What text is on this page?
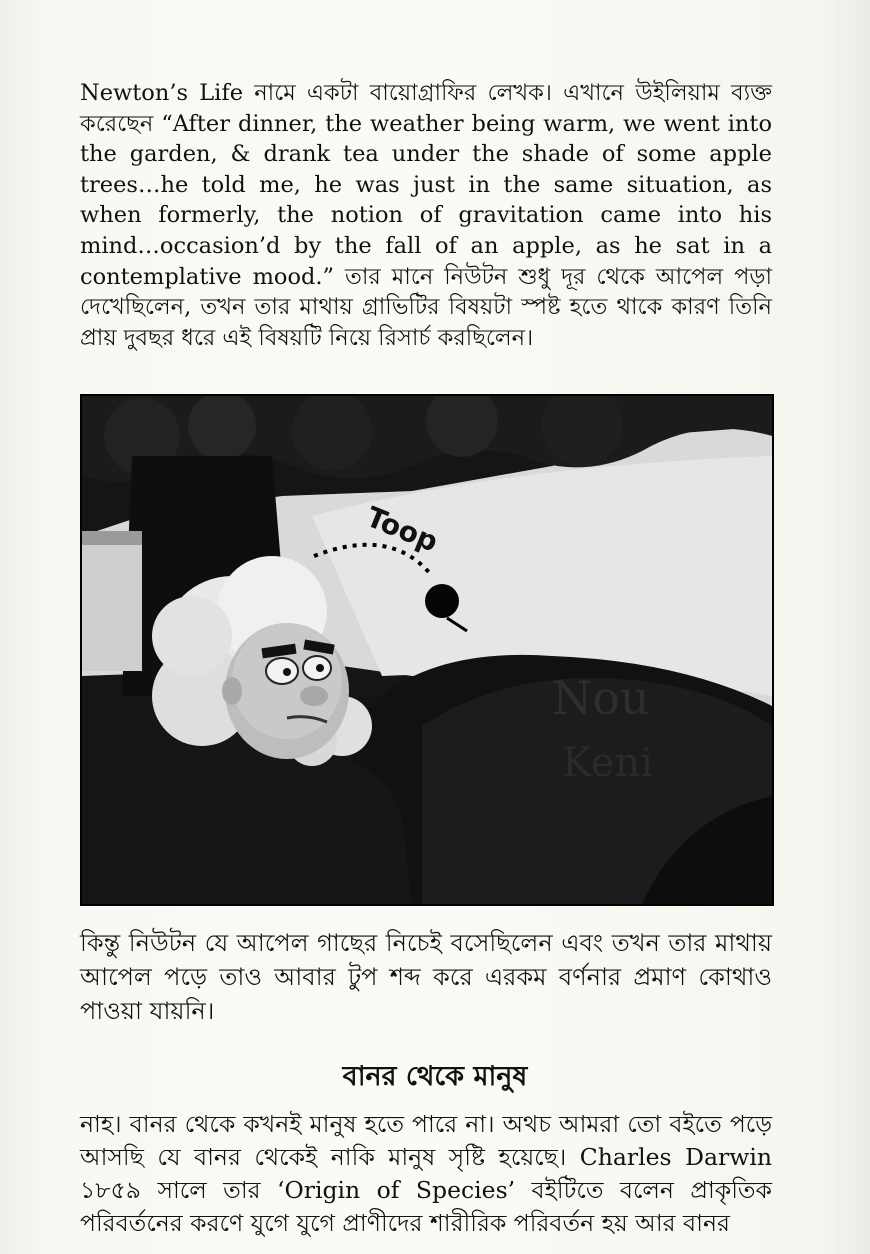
Newton’s Life নামে একটা বায়োগ্রাফির লেখক। এখানে উইলিয়াম ব্যক্ত করেছেন “After dinner, the weather being warm, we went into the garden, & drank tea under the shade of some apple trees…he told me, he was just in the same situation, as when formerly, the notion of gravitation came into his mind…occasion’d by the fall of an apple, as he sat in a contemplative mood.” তার মানে নিউটন শুধু দূর থেকে আপেল পড়া দেখেছিলেন, তখন তার মাথায় গ্রাভিটির বিষয়টা স্পষ্ট হতে থাকে কারণ তিনি প্রায় দুবছর ধরে এই বিষয়টি নিয়ে রিসার্চ করছিলেন।

Nou
Keni
Toop

কিন্তু নিউটন যে আপেল গাছের নিচেই বসেছিলেন এবং তখন তার মাথায় আপেল পড়ে তাও আবার টুপ শব্দ করে এরকম বর্ণনার প্রমাণ কোথাও পাওয়া যায়নি।

বানর থেকে মানুষ

নাহ। বানর থেকে কখনই মানুষ হতে পারে না। অথচ আমরা তো বইতে পড়ে আসছি যে বানর থেকেই নাকি মানুষ সৃষ্টি হয়েছে। Charles Darwin ১৮৫৯ সালে তার ‘Origin of Species’ বইটিতে বলেন প্রাকৃতিক পরিবর্তনের করণে যুগে যুগে প্রাণীদের শারীরিক পরিবর্তন হয় আর বানর
